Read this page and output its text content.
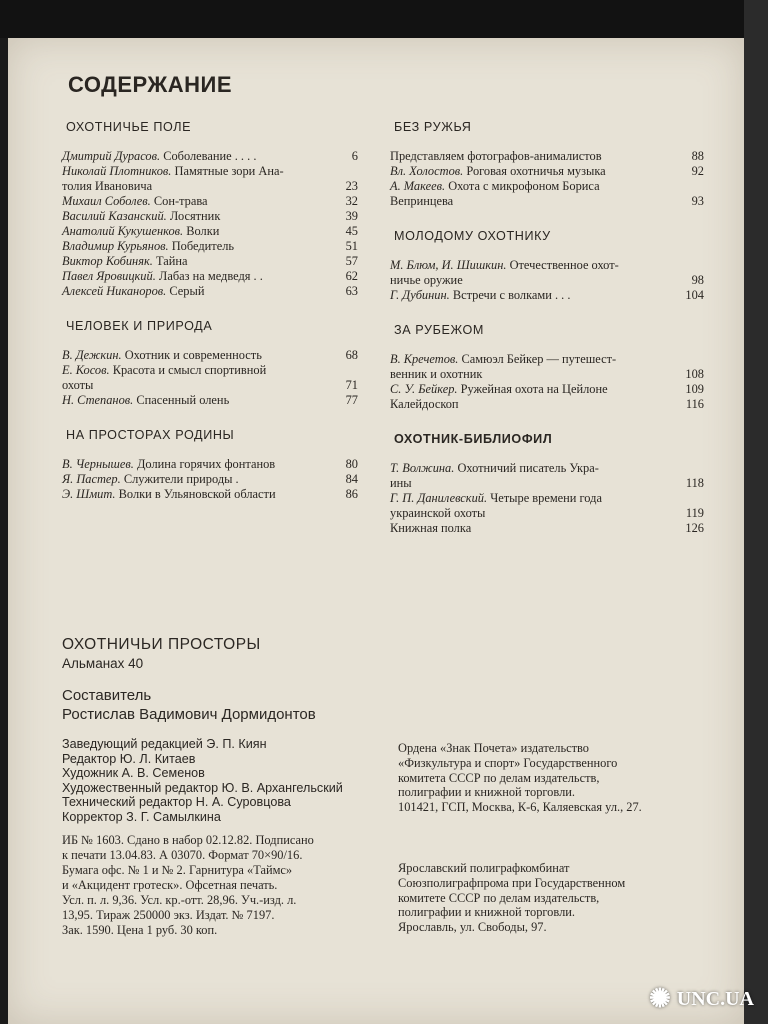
СОДЕРЖАНИЕ
ОХОТНИЧЬЕ ПОЛЕ
Дмитрий Дурасов. Соболевание . . . .	6
Николай Плотников. Памятные зори Ана-
толия Ивановича	23
Михаил Соболев. Сон-трава	32
Василий Казанский. Лосятник	39
Анатолий Кукушенков. Волки	45
Владимир Курьянов. Победитель	51
Виктор Кобиняк. Тайна	57
Павел Яровицкий. Лабаз на медведя . .	62
Алексей Никаноров. Серый	63
ЧЕЛОВЕК И ПРИРОДА
В. Дежкин. Охотник и современность	68
Е. Косов. Красота и смысл спортивной
охоты	71
Н. Степанов. Спасенный олень	77
НА ПРОСТОРАХ РОДИНЫ
В. Чернышев. Долина горячих фонтанов	80
Я. Пастер. Служители природы .	84
Э. Шмит. Волки в Ульяновской области	86
БЕЗ РУЖЬЯ
Представляем фотографов-анималистов	88
Вл. Холостов. Роговая охотничья музыка	92
А. Макеев. Охота с микрофоном Бориса
Вепринцева	93
МОЛОДОМУ ОХОТНИКУ
М. Блюм, И. Шишкин. Отечественное охот-
ничье оружие	98
Г. Дубинин. Встречи с волками . . .	104
ЗА РУБЕЖОМ
В. Кречетов. Самюэл Бейкер — путешест-
венник и охотник	108
С. У. Бейкер. Ружейная охота на Цейлоне	109
Калейдоскоп	116
ОХОТНИК-БИБЛИОФИЛ
Т. Волжина. Охотничий писатель Укра-
ины	118
Г. П. Данилевский. Четыре времени года
украинской охоты	119
Книжная полка	126
ОХОТНИЧЬИ ПРОСТОРЫ
Альманах 40
Составитель
Ростислав Вадимович Дормидонтов
Заведующий редакцией Э. П. Киян
Редактор Ю. Л. Китаев
Художник А. В. Семенов
Художественный редактор Ю. В. Архангельский
Технический редактор Н. А. Суровцова
Корректор З. Г. Самылкина
ИБ № 1603. Сдано в набор 02.12.82. Подписано
к печати 13.04.83. А 03070. Формат 70×90/16.
Бумага офс. № 1 и № 2. Гарнитура «Таймс»
и «Акцидент гротеск». Офсетная печать.
Усл. п. л. 9,36. Усл. кр.-отт. 28,96. Уч.-изд. л.
13,95. Тираж 250000 экз. Издат. № 7197.
Зак. 1590. Цена 1 руб. 30 коп.
Ордена «Знак Почета» издательство
«Физкультура и спорт» Государственного
комитета СССР по делам издательств,
полиграфии и книжной торговли.
101421, ГСП, Москва, К-6, Каляевская ул., 27.
Ярославский полиграфкомбинат
Союзполиграфпрома при Государственном
комитете СССР по делам издательств,
полиграфии и книжной торговли.
Ярославль, ул. Свободы, 97.
✺ UNC.UA
